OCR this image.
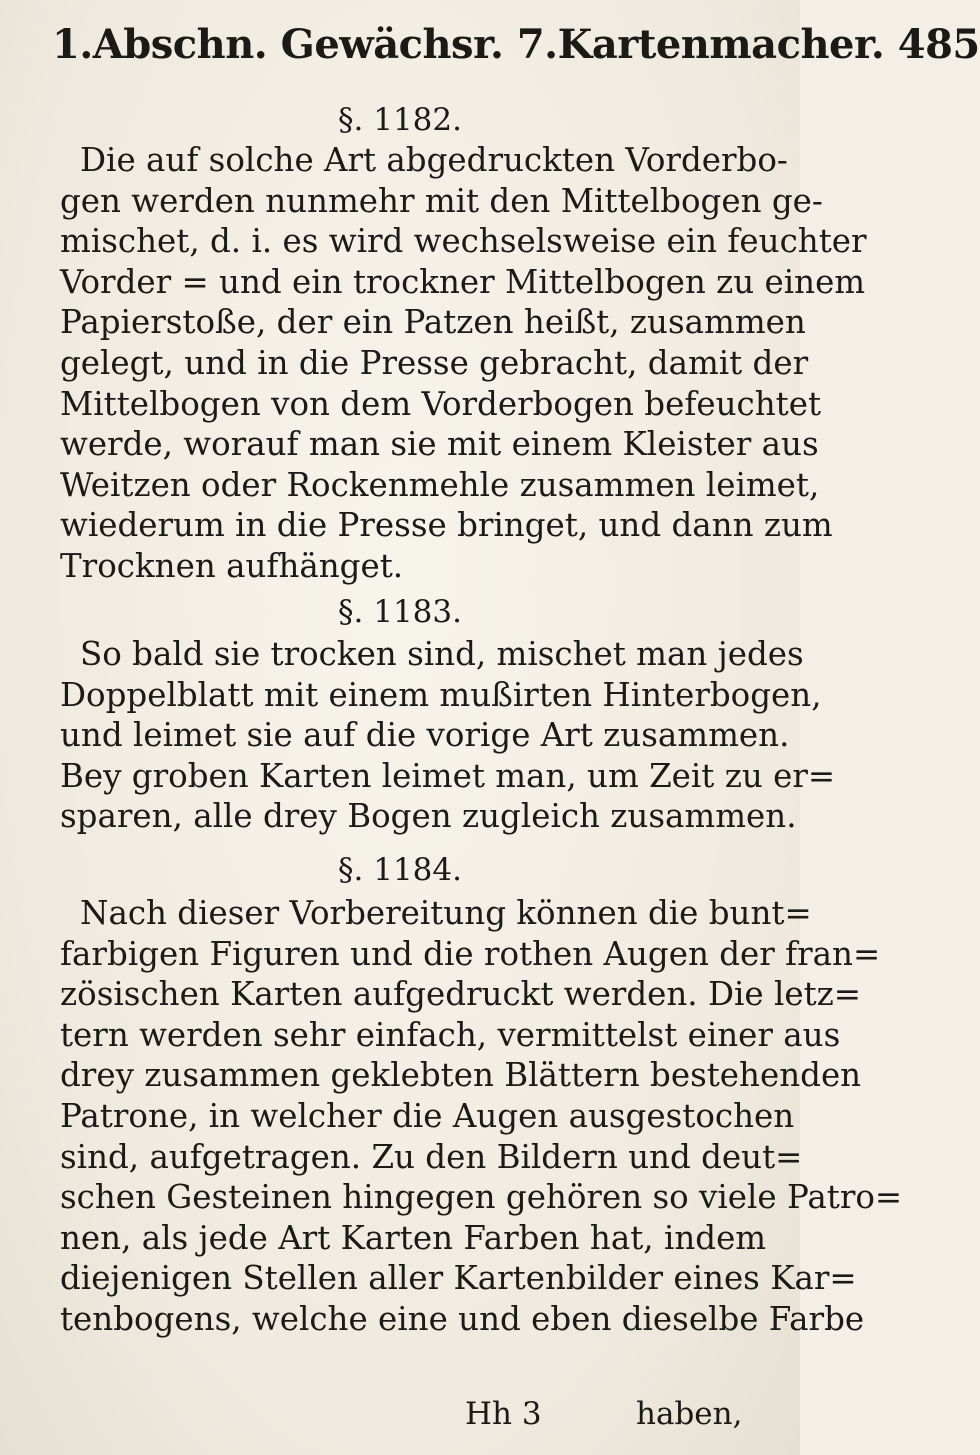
1.Abschn. Gewächsr. 7.Kartenmacher. 485
§. 1182.
Die auf solche Art abgedruckten Vorderbo-
gen werden nunmehr mit den Mittelbogen ge-
mischet, d. i. es wird wechselsweise ein feuchter
Vorder = und ein trockner Mittelbogen zu einem
Papierstoße, der ein Patzen heißt, zusammen
gelegt, und in die Presse gebracht, damit der
Mittelbogen von dem Vorderbogen befeuchtet
werde, worauf man sie mit einem Kleister aus
Weitzen oder Rockenmehle zusammen leimet,
wiederum in die Presse bringet, und dann zum
Trocknen aufhänget.
§. 1183.
So bald sie trocken sind, mischet man jedes
Doppelblatt mit einem mußirten Hinterbogen,
und leimet sie auf die vorige Art zusammen.
Bey groben Karten leimet man, um Zeit zu er=
sparen, alle drey Bogen zugleich zusammen.
§. 1184.
Nach dieser Vorbereitung können die bunt=
farbigen Figuren und die rothen Augen der fran=
zösischen Karten aufgedruckt werden. Die letz=
tern werden sehr einfach, vermittelst einer aus
drey zusammen geklebten Blättern bestehenden
Patrone, in welcher die Augen ausgestochen
sind, aufgetragen. Zu den Bildern und deut=
schen Gesteinen hingegen gehören so viele Patro=
nen, als jede Art Karten Farben hat, indem
diejenigen Stellen aller Kartenbilder eines Kar=
tenbogens, welche eine und eben dieselbe Farbe
Hh 3	haben,
